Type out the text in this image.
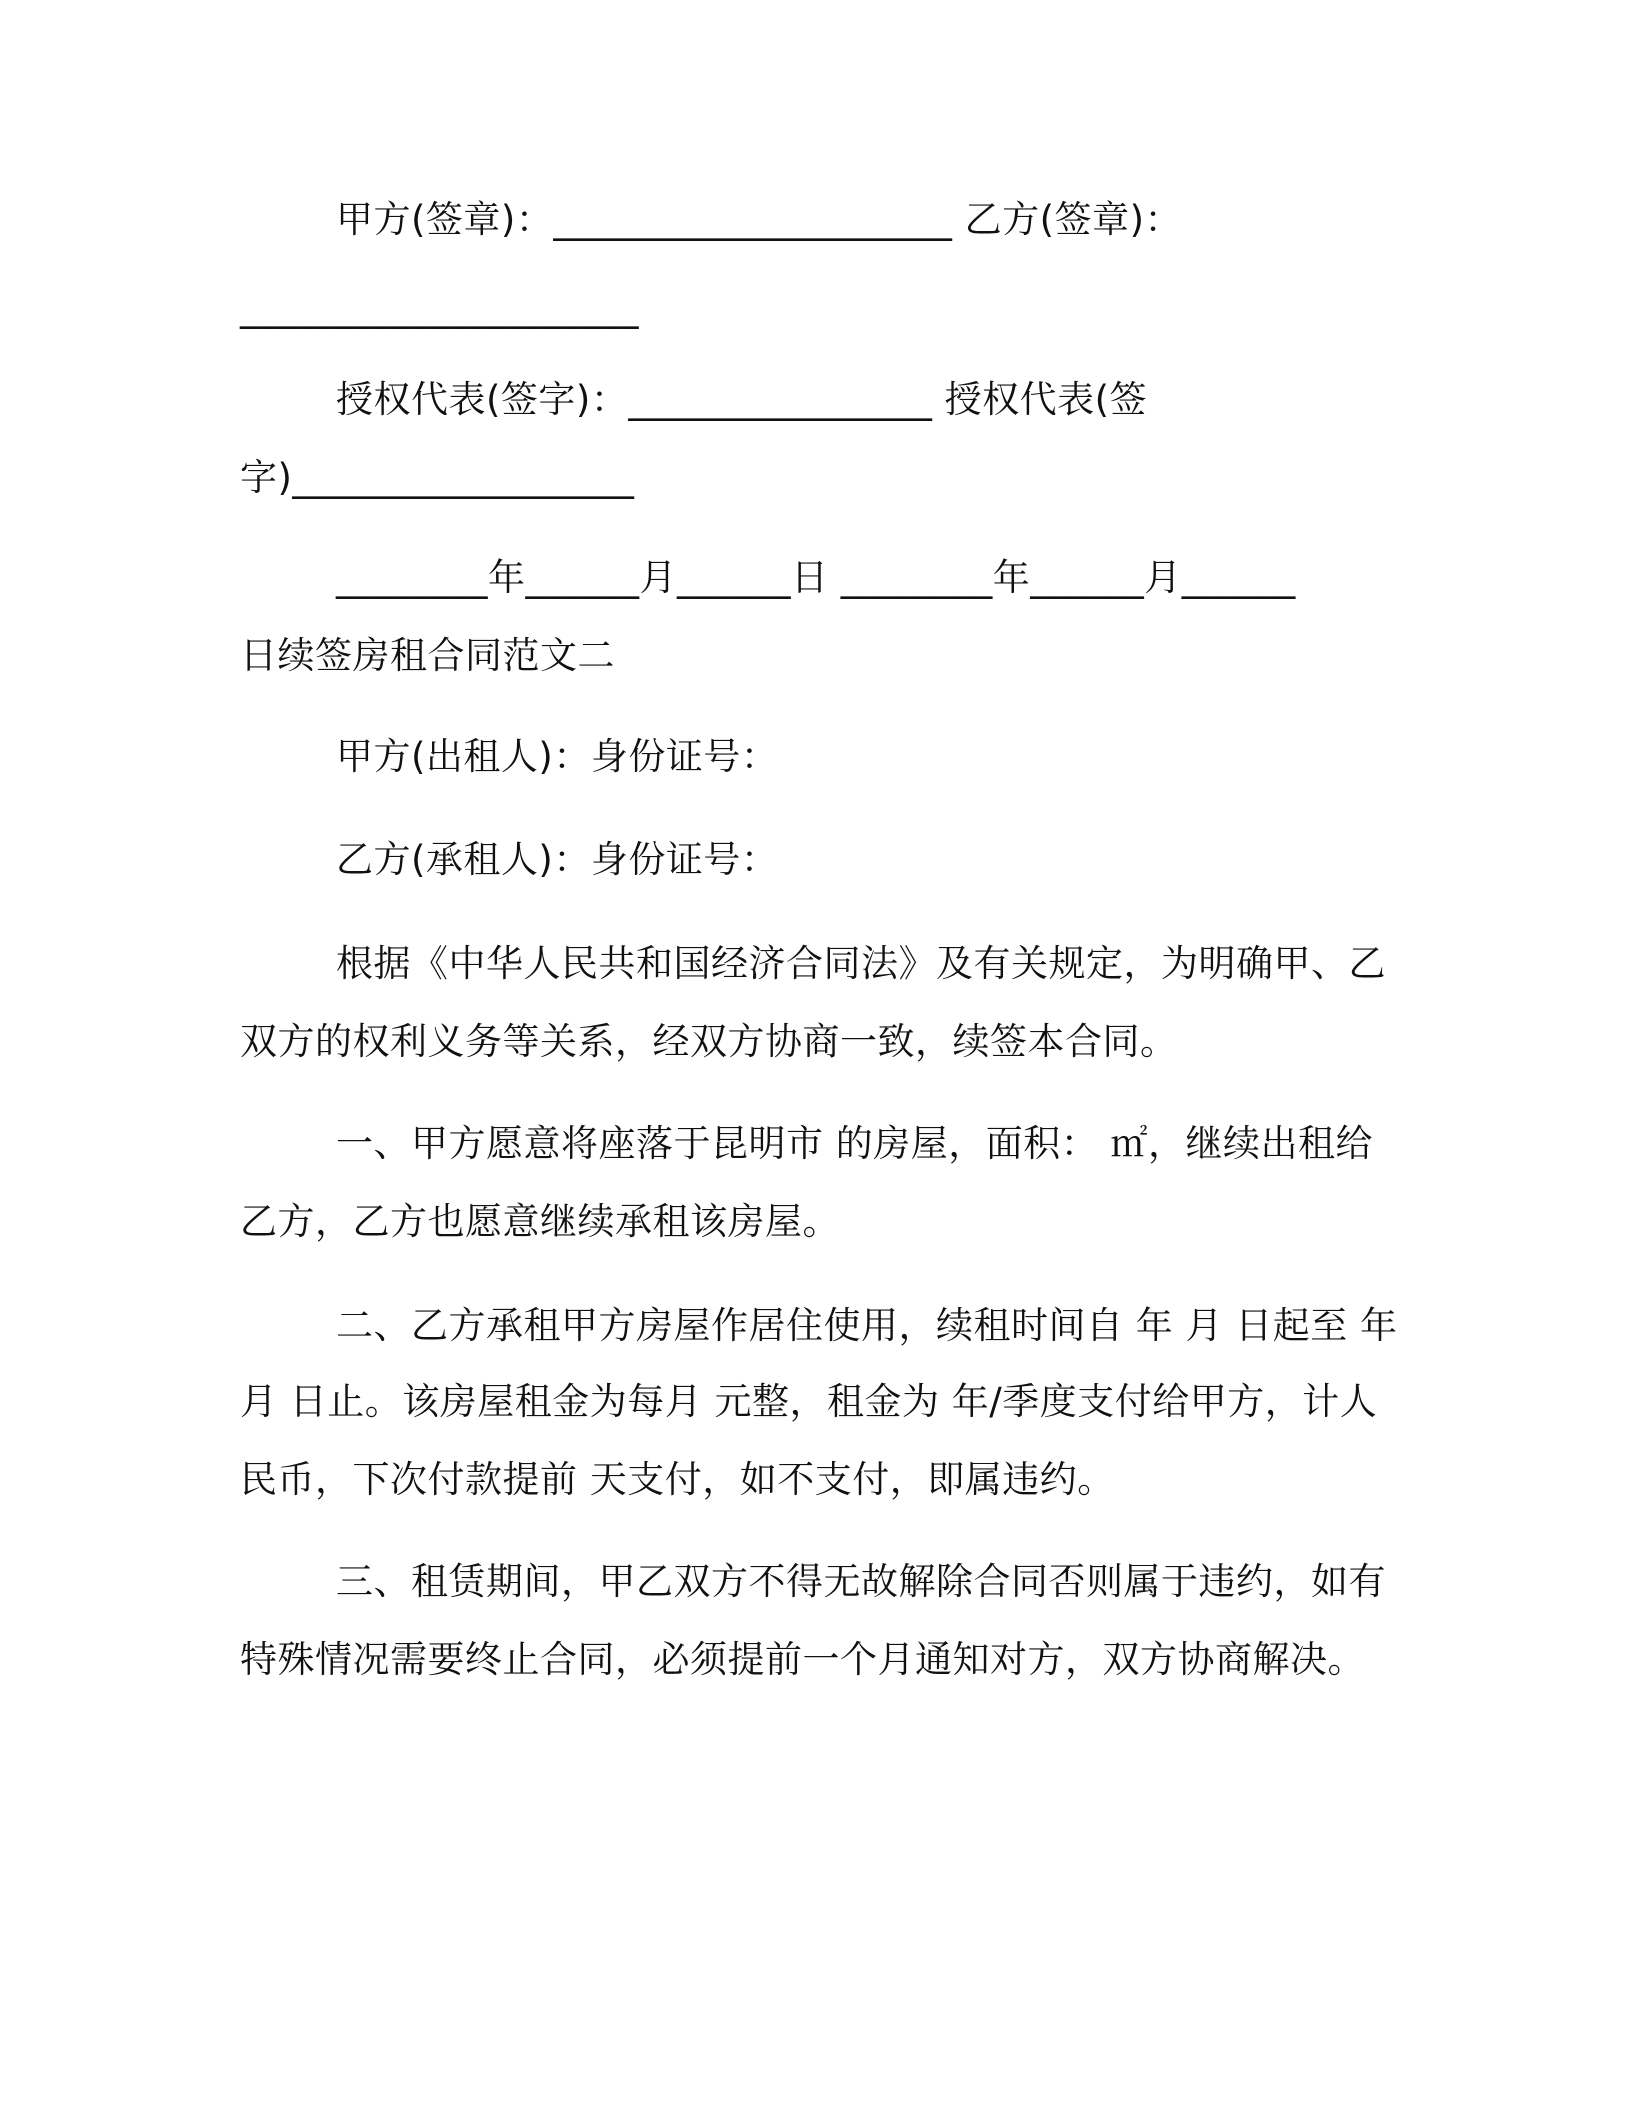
甲方(签章)：_____________________ 乙方(签章)：
_____________________
授权代表(签字)：________________ 授权代表(签
字)__________________
________年______月______日 ________年______月______
日续签房租合同范文二
甲方(出租人)：身份证号：
乙方(承租人)：身份证号：
根据《中华人民共和国经济合同法》及有关规定，为明确甲、乙
双方的权利义务等关系，经双方协商一致，续签本合同。
一、甲方愿意将座落于昆明市 的房屋，面积： ㎡，继续出租给
乙方，乙方也愿意继续承租该房屋。
二、乙方承租甲方房屋作居住使用，续租时间自 年 月 日起至 年
月 日止。该房屋租金为每月 元整，租金为 年/季度支付给甲方，计人
民币，下次付款提前 天支付，如不支付，即属违约。
三、租赁期间，甲乙双方不得无故解除合同否则属于违约，如有
特殊情况需要终止合同，必须提前一个月通知对方，双方协商解决。
